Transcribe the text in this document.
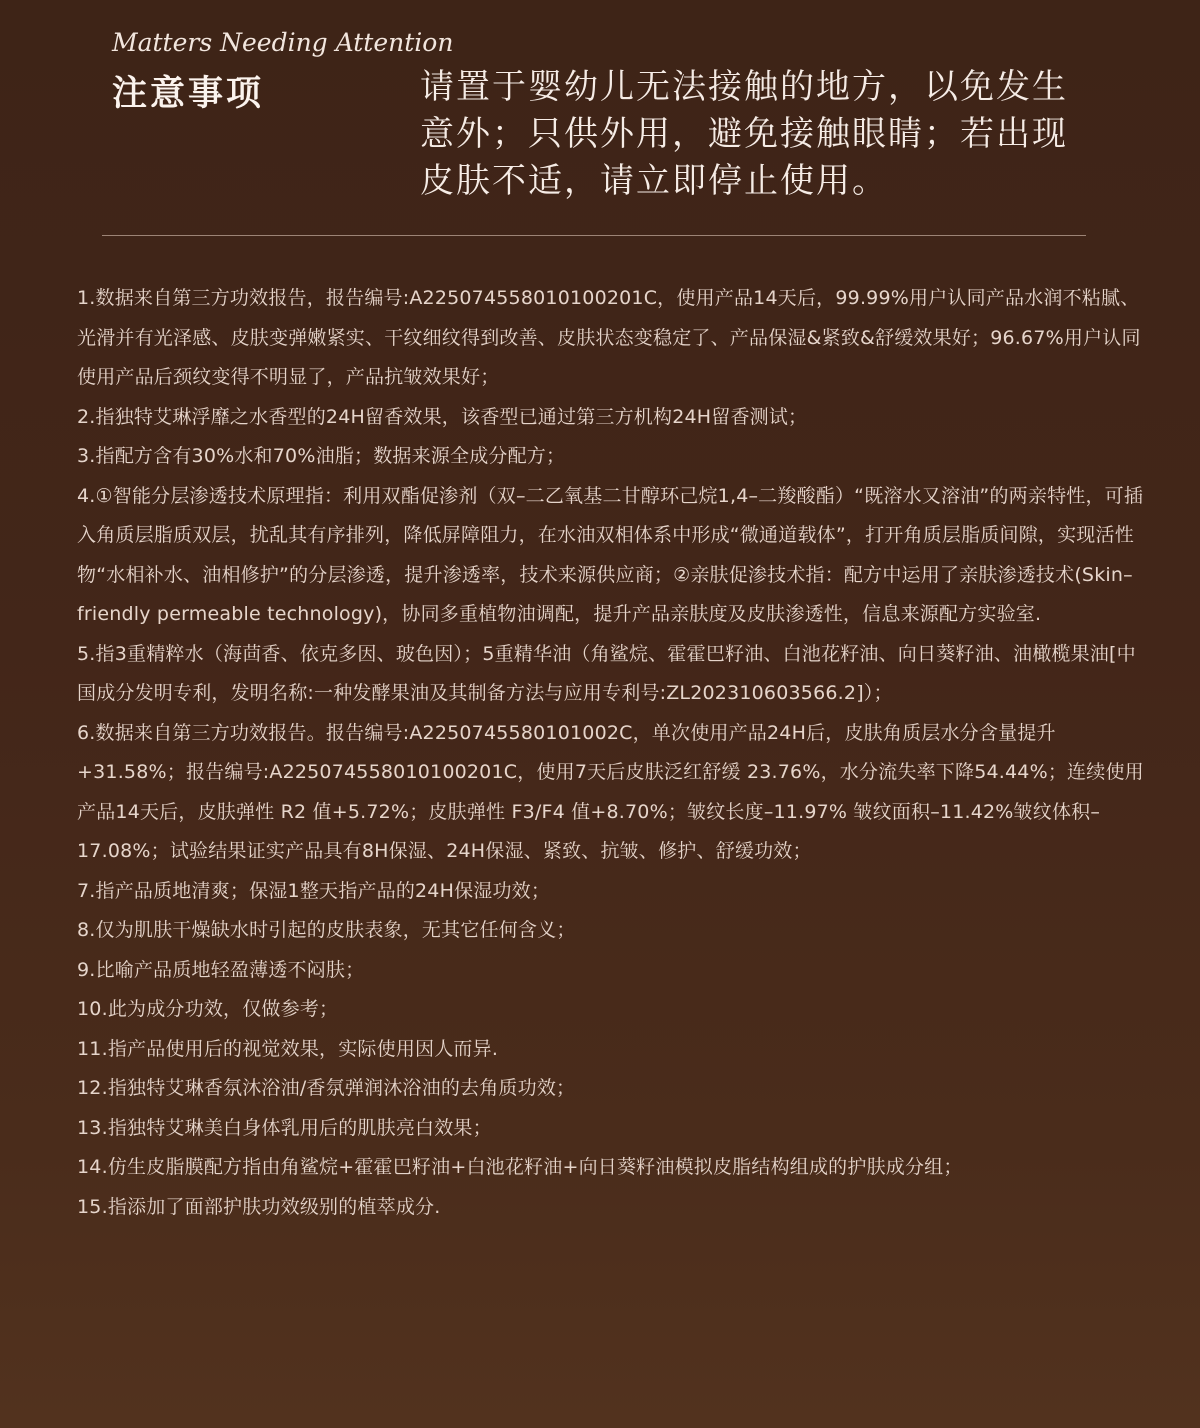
Matters Needing Attention
注意事项	请置于婴幼儿无法接触的地方，以免发生意外；只供外用，避免接触眼睛；若出现皮肤不适，请立即停止使用。

1.数据来自第三方功效报告，报告编号:A225074558010100201C，使用产品14天后，99.99%用户认同产品水润不粘腻、光滑并有光泽感、皮肤变弹嫩紧实、干纹细纹得到改善、皮肤状态变稳定了、产品保湿&紧致&舒缓效果好；96.67%用户认同使用产品后颈纹变得不明显了，产品抗皱效果好；
2.指独特艾琳浮靡之水香型的24H留香效果，该香型已通过第三方机构24H留香测试；
3.指配方含有30%水和70%油脂；数据来源全成分配方；
4.①智能分层渗透技术原理指：利用双酯促渗剂（双–二乙氧基二甘醇环己烷1,4–二羧酸酯）“既溶水又溶油”的两亲特性，可插入角质层脂质双层，扰乱其有序排列，降低屏障阻力，在水油双相体系中形成“微通道载体”，打开角质层脂质间隙，实现活性物“水相补水、油相修护”的分层渗透，提升渗透率，技术来源供应商；②亲肤促渗技术指：配方中运用了亲肤渗透技术(Skin–friendly permeable technology)，协同多重植物油调配，提升产品亲肤度及皮肤渗透性，信息来源配方实验室.
5.指3重精粹水（海茴香、依克多因、玻色因）；5重精华油（角鲨烷、霍霍巴籽油、白池花籽油、向日葵籽油、油橄榄果油[中国成分发明专利，发明名称:一种发酵果油及其制备方法与应用专利号:ZL202310603566.2]）；
6.数据来自第三方功效报告。报告编号:A2250745580101002C，单次使用产品24H后，皮肤角质层水分含量提升+31.58%；报告编号:A225074558010100201C，使用7天后皮肤泛红舒缓 23.76%，水分流失率下降54.44%；连续使用产品14天后，皮肤弹性 R2 值+5.72%；皮肤弹性 F3/F4 值+8.70%；皱纹长度–11.97% 皱纹面积–11.42%皱纹体积–17.08%；试验结果证实产品具有8H保湿、24H保湿、紧致、抗皱、修护、舒缓功效；
7.指产品质地清爽；保湿1整天指产品的24H保湿功效；
8.仅为肌肤干燥缺水时引起的皮肤表象，无其它任何含义；
9.比喻产品质地轻盈薄透不闷肤；
10.此为成分功效，仅做参考；
11.指产品使用后的视觉效果，实际使用因人而异.
12.指独特艾琳香氛沐浴油/香氛弹润沐浴油的去角质功效；
13.指独特艾琳美白身体乳用后的肌肤亮白效果；
14.仿生皮脂膜配方指由角鲨烷+霍霍巴籽油+白池花籽油+向日葵籽油模拟皮脂结构组成的护肤成分组；
15.指添加了面部护肤功效级别的植萃成分.
